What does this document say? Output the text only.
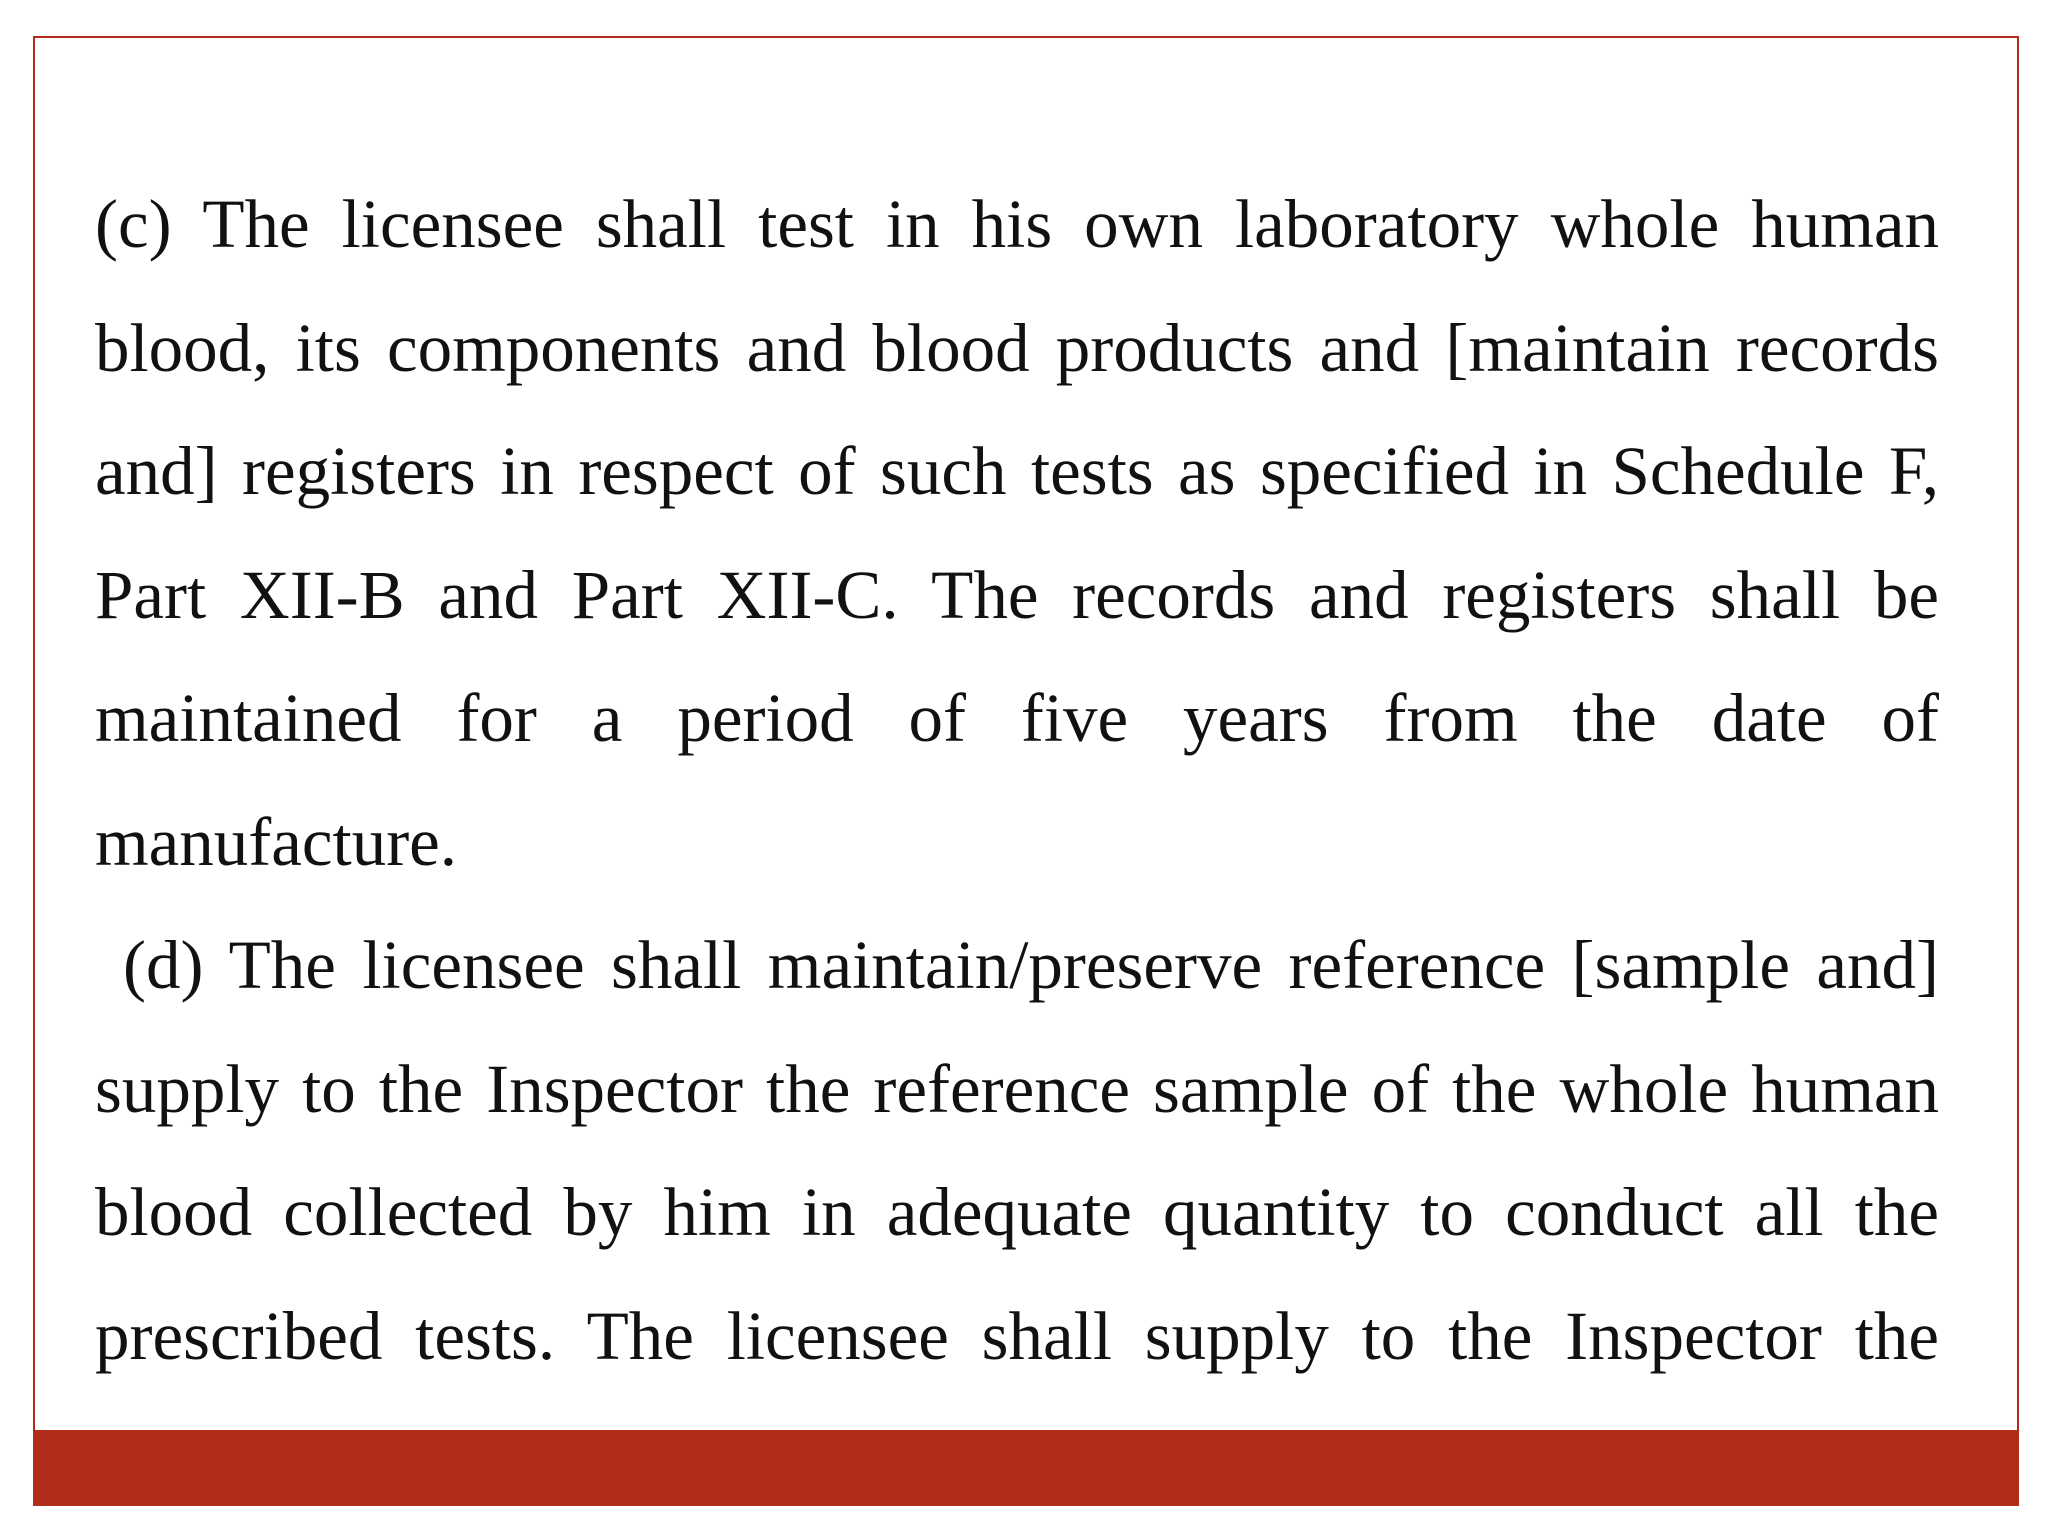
(c) The licensee shall test in his own laboratory whole human blood, its components and blood products and [maintain records and] registers in respect of such tests as specified in Schedule F, Part XII-B and Part XII-C. The records and registers shall be maintained for a period of five years from the date of manufacture.

(d) The licensee shall maintain/preserve reference [sample and] supply to the Inspector the reference sample of the whole human blood collected by him in adequate quantity to conduct all the prescribed tests. The licensee shall supply to the Inspector the
